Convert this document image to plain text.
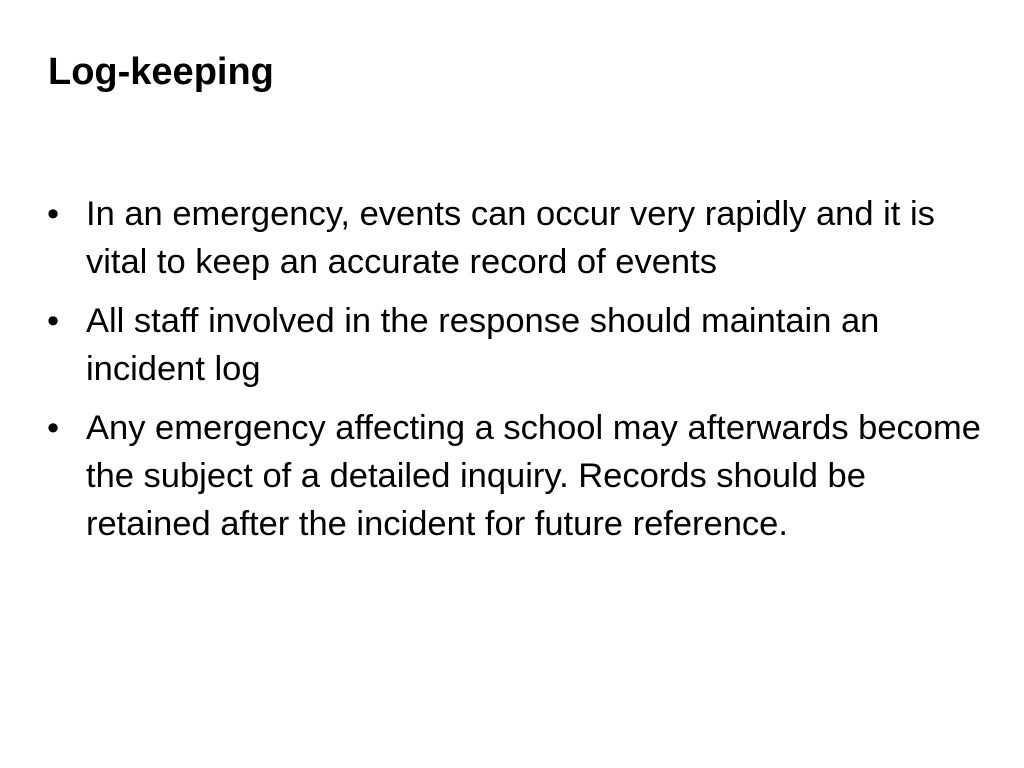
Log-keeping
• In an emergency, events can occur very rapidly and it is vital to keep an accurate record of events
• All staff involved in the response should maintain an incident log
• Any emergency affecting a school may afterwards become the subject of a detailed inquiry. Records should be retained after the incident for future reference.
